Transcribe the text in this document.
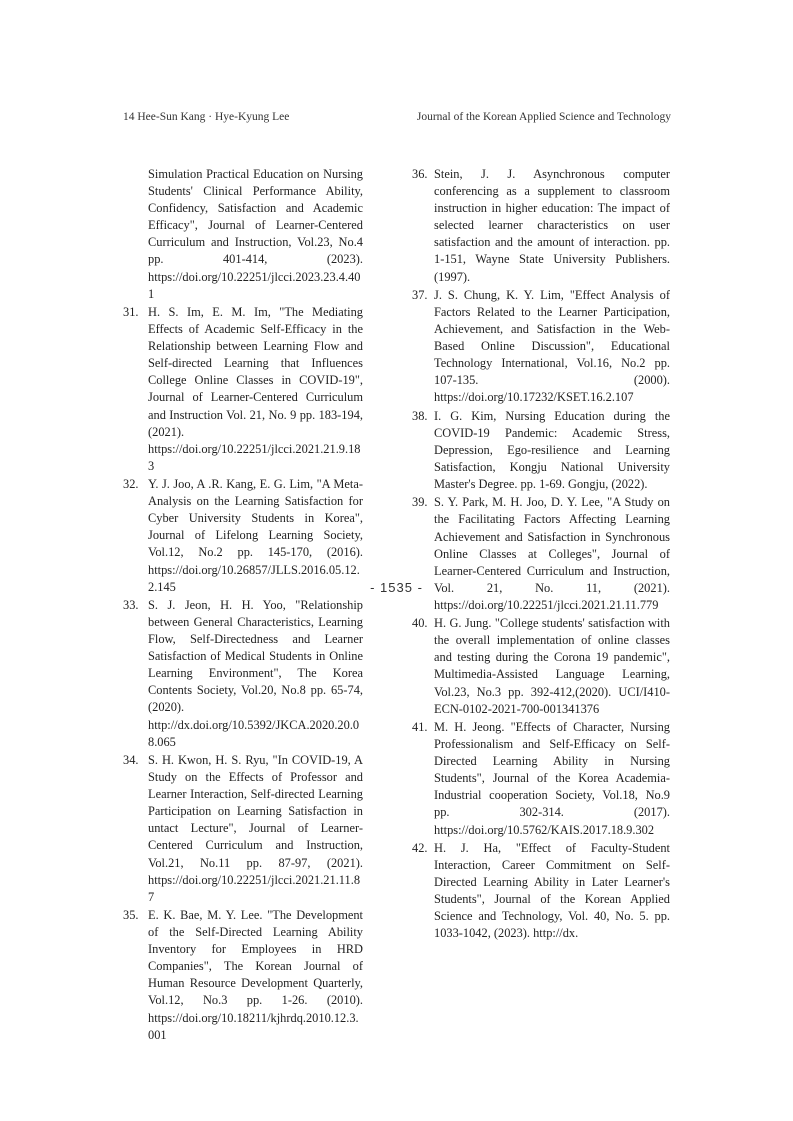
14 Hee-Sun Kang · Hye-Kyung Lee	Journal of the Korean Applied Science and Technology
Simulation Practical Education on Nursing Students' Clinical Performance Ability, Confidency, Satisfaction and Academic Efficacy", Journal of Learner-Centered Curriculum and Instruction, Vol.23, No.4 pp. 401-414, (2023). https://doi.org/10.22251/jlcci.2023.23.4.401
31. H. S. Im, E. M. Im, "The Mediating Effects of Academic Self-Efficacy in the Relationship between Learning Flow and Self-directed Learning that Influences College Online Classes in COVID-19", Journal of Learner-Centered Curriculum and Instruction Vol. 21, No. 9 pp. 183-194, (2021). https://doi.org/10.22251/jlcci.2021.21.9.183
32. Y. J. Joo, A .R. Kang, E. G. Lim, "A Meta-Analysis on the Learning Satisfaction for Cyber University Students in Korea", Journal of Lifelong Learning Society, Vol.12, No.2 pp. 145-170, (2016). https://doi.org/10.26857/JLLS.2016.05.12.2.145
33. S. J. Jeon, H. H. Yoo, "Relationship between General Characteristics, Learning Flow, Self-Directedness and Learner Satisfaction of Medical Students in Online Learning Environment", The Korea Contents Society, Vol.20, No.8 pp. 65-74, (2020). http://dx.doi.org/10.5392/JKCA.2020.20.08.065
34. S. H. Kwon, H. S. Ryu, "In COVID-19, A Study on the Effects of Professor and Learner Interaction, Self-directed Learning Participation on Learning Satisfaction in untact Lecture", Journal of Learner-Centered Curriculum and Instruction, Vol.21, No.11 pp. 87-97, (2021). https://doi.org/10.22251/jlcci.2021.21.11.87
35. E. K. Bae, M. Y. Lee. "The Development of the Self-Directed Learning Ability Inventory for Employees in HRD Companies", The Korean Journal of Human Resource Development Quarterly, Vol.12, No.3 pp. 1-26. (2010). https://doi.org/10.18211/kjhrdq.2010.12.3.001
36. Stein, J. J. Asynchronous computer conferencing as a supplement to classroom instruction in higher education: The impact of selected learner characteristics on user satisfaction and the amount of interaction. pp. 1-151, Wayne State University Publishers. (1997).
37. J. S. Chung, K. Y. Lim, "Effect Analysis of Factors Related to the Learner Participation, Achievement, and Satisfaction in the Web-Based Online Discussion", Educational Technology International, Vol.16, No.2 pp. 107-135. (2000). https://doi.org/10.17232/KSET.16.2.107
38. I. G. Kim, Nursing Education during the COVID-19 Pandemic: Academic Stress, Depression, Ego-resilience and Learning Satisfaction, Kongju National University Master's Degree. pp. 1-69. Gongju, (2022).
39. S. Y. Park, M. H. Joo, D. Y. Lee, "A Study on the Facilitating Factors Affecting Learning Achievement and Satisfaction in Synchronous Online Classes at Colleges", Journal of Learner-Centered Curriculum and Instruction, Vol. 21, No. 11, (2021). https://doi.org/10.22251/jlcci.2021.21.11.779
40. H. G. Jung. "College students' satisfaction with the overall implementation of online classes and testing during the Corona 19 pandemic", Multimedia-Assisted Language Learning, Vol.23, No.3 pp. 392-412,(2020). UCI/I410-ECN-0102-2021-700-001341376
41. M. H. Jeong. "Effects of Character, Nursing Professionalism and Self-Efficacy on Self-Directed Learning Ability in Nursing Students", Journal of the Korea Academia-Industrial cooperation Society, Vol.18, No.9 pp. 302-314. (2017). https://doi.org/10.5762/KAIS.2017.18.9.302
42. H. J. Ha, "Effect of Faculty-Student Interaction, Career Commitment on Self-Directed Learning Ability in Later Learner's Students", Journal of the Korean Applied Science and Technology, Vol. 40, No. 5. pp. 1033-1042, (2023). http://dx.
- 1535 -
